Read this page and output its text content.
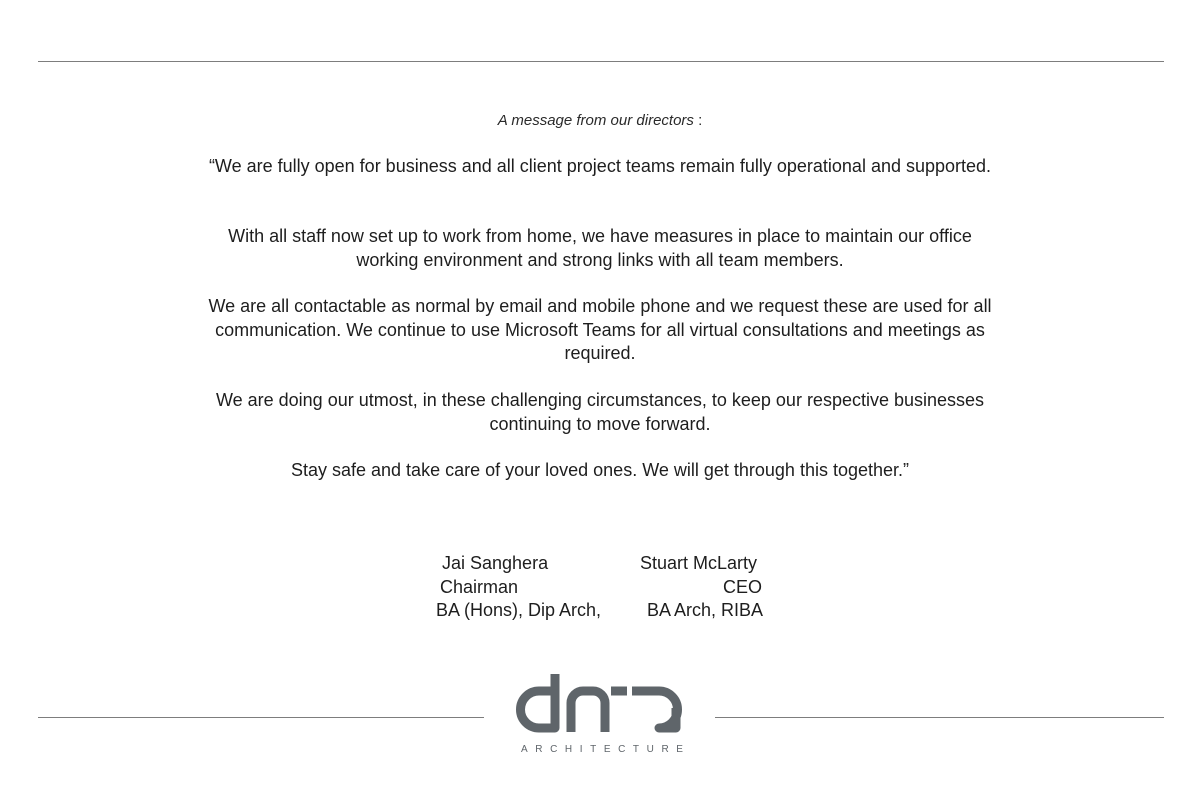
A message from our directors :

“We are fully open for business and all client project teams remain fully operational and supported.

With all staff now set up to work from home, we have measures in place to maintain our office working environment and strong links with all team members.

We are all contactable as normal by email and mobile phone and we request these are used for all communication. We continue to use Microsoft Teams for all virtual consultations and meetings as required.

We are doing our utmost, in these challenging circumstances, to keep our respective businesses continuing to move forward.

Stay safe and take care of your loved ones. We will get through this together.”

Jai Sanghera
Chairman
BA (Hons), Dip Arch,
Stuart McLarty
CEO
BA Arch, RIBA
ARCHITECTURE
